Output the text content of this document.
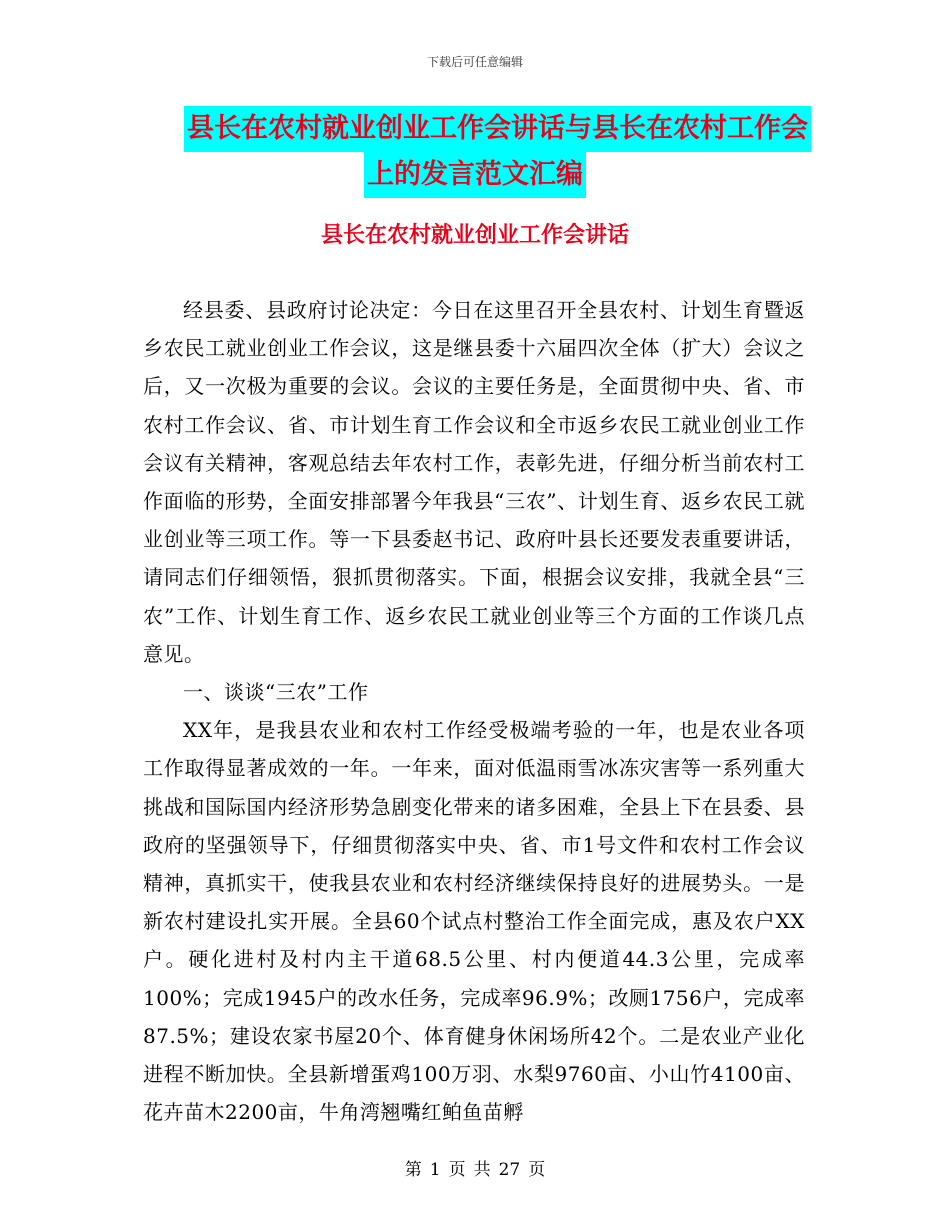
下载后可任意编辑
县长在农村就业创业工作会讲话与县长在农村工作会
上的发言范文汇编
县长在农村就业创业工作会讲话

经县委、县政府讨论决定：今日在这里召开全县农村、计划生育暨返乡农民工就业创业工作会议，这是继县委十六届四次全体（扩大）会议之后，又一次极为重要的会议。会议的主要任务是，全面贯彻中央、省、市农村工作会议、省、市计划生育工作会议和全市返乡农民工就业创业工作会议有关精神，客观总结去年农村工作，表彰先进，仔细分析当前农村工作面临的形势，全面安排部署今年我县“三农”、计划生育、返乡农民工就业创业等三项工作。等一下县委赵书记、政府叶县长还要发表重要讲话，请同志们仔细领悟，狠抓贯彻落实。下面，根据会议安排，我就全县“三农”工作、计划生育工作、返乡农民工就业创业等三个方面的工作谈几点意见。

一、谈谈“三农”工作

XX年，是我县农业和农村工作经受极端考验的一年，也是农业各项工作取得显著成效的一年。一年来，面对低温雨雪冰冻灾害等一系列重大挑战和国际国内经济形势急剧变化带来的诸多困难，全县上下在县委、县政府的坚强领导下，仔细贯彻落实中央、省、市1号文件和农村工作会议精神，真抓实干，使我县农业和农村经济继续保持良好的进展势头。一是新农村建设扎实开展。全县60个试点村整治工作全面完成，惠及农户XX户。硬化进村及村内主干道68.5公里、村内便道44.3公里，完成率100%；完成1945户的改水任务，完成率96.9%；改厕1756户，完成率87.5%；建设农家书屋20个、体育健身休闲场所42个。二是农业产业化进程不断加快。全县新增蛋鸡100万羽、水梨9760亩、小山竹4100亩、花卉苗木2200亩，牛角湾翘嘴红鲌鱼苗孵

第 1 页 共 27 页
